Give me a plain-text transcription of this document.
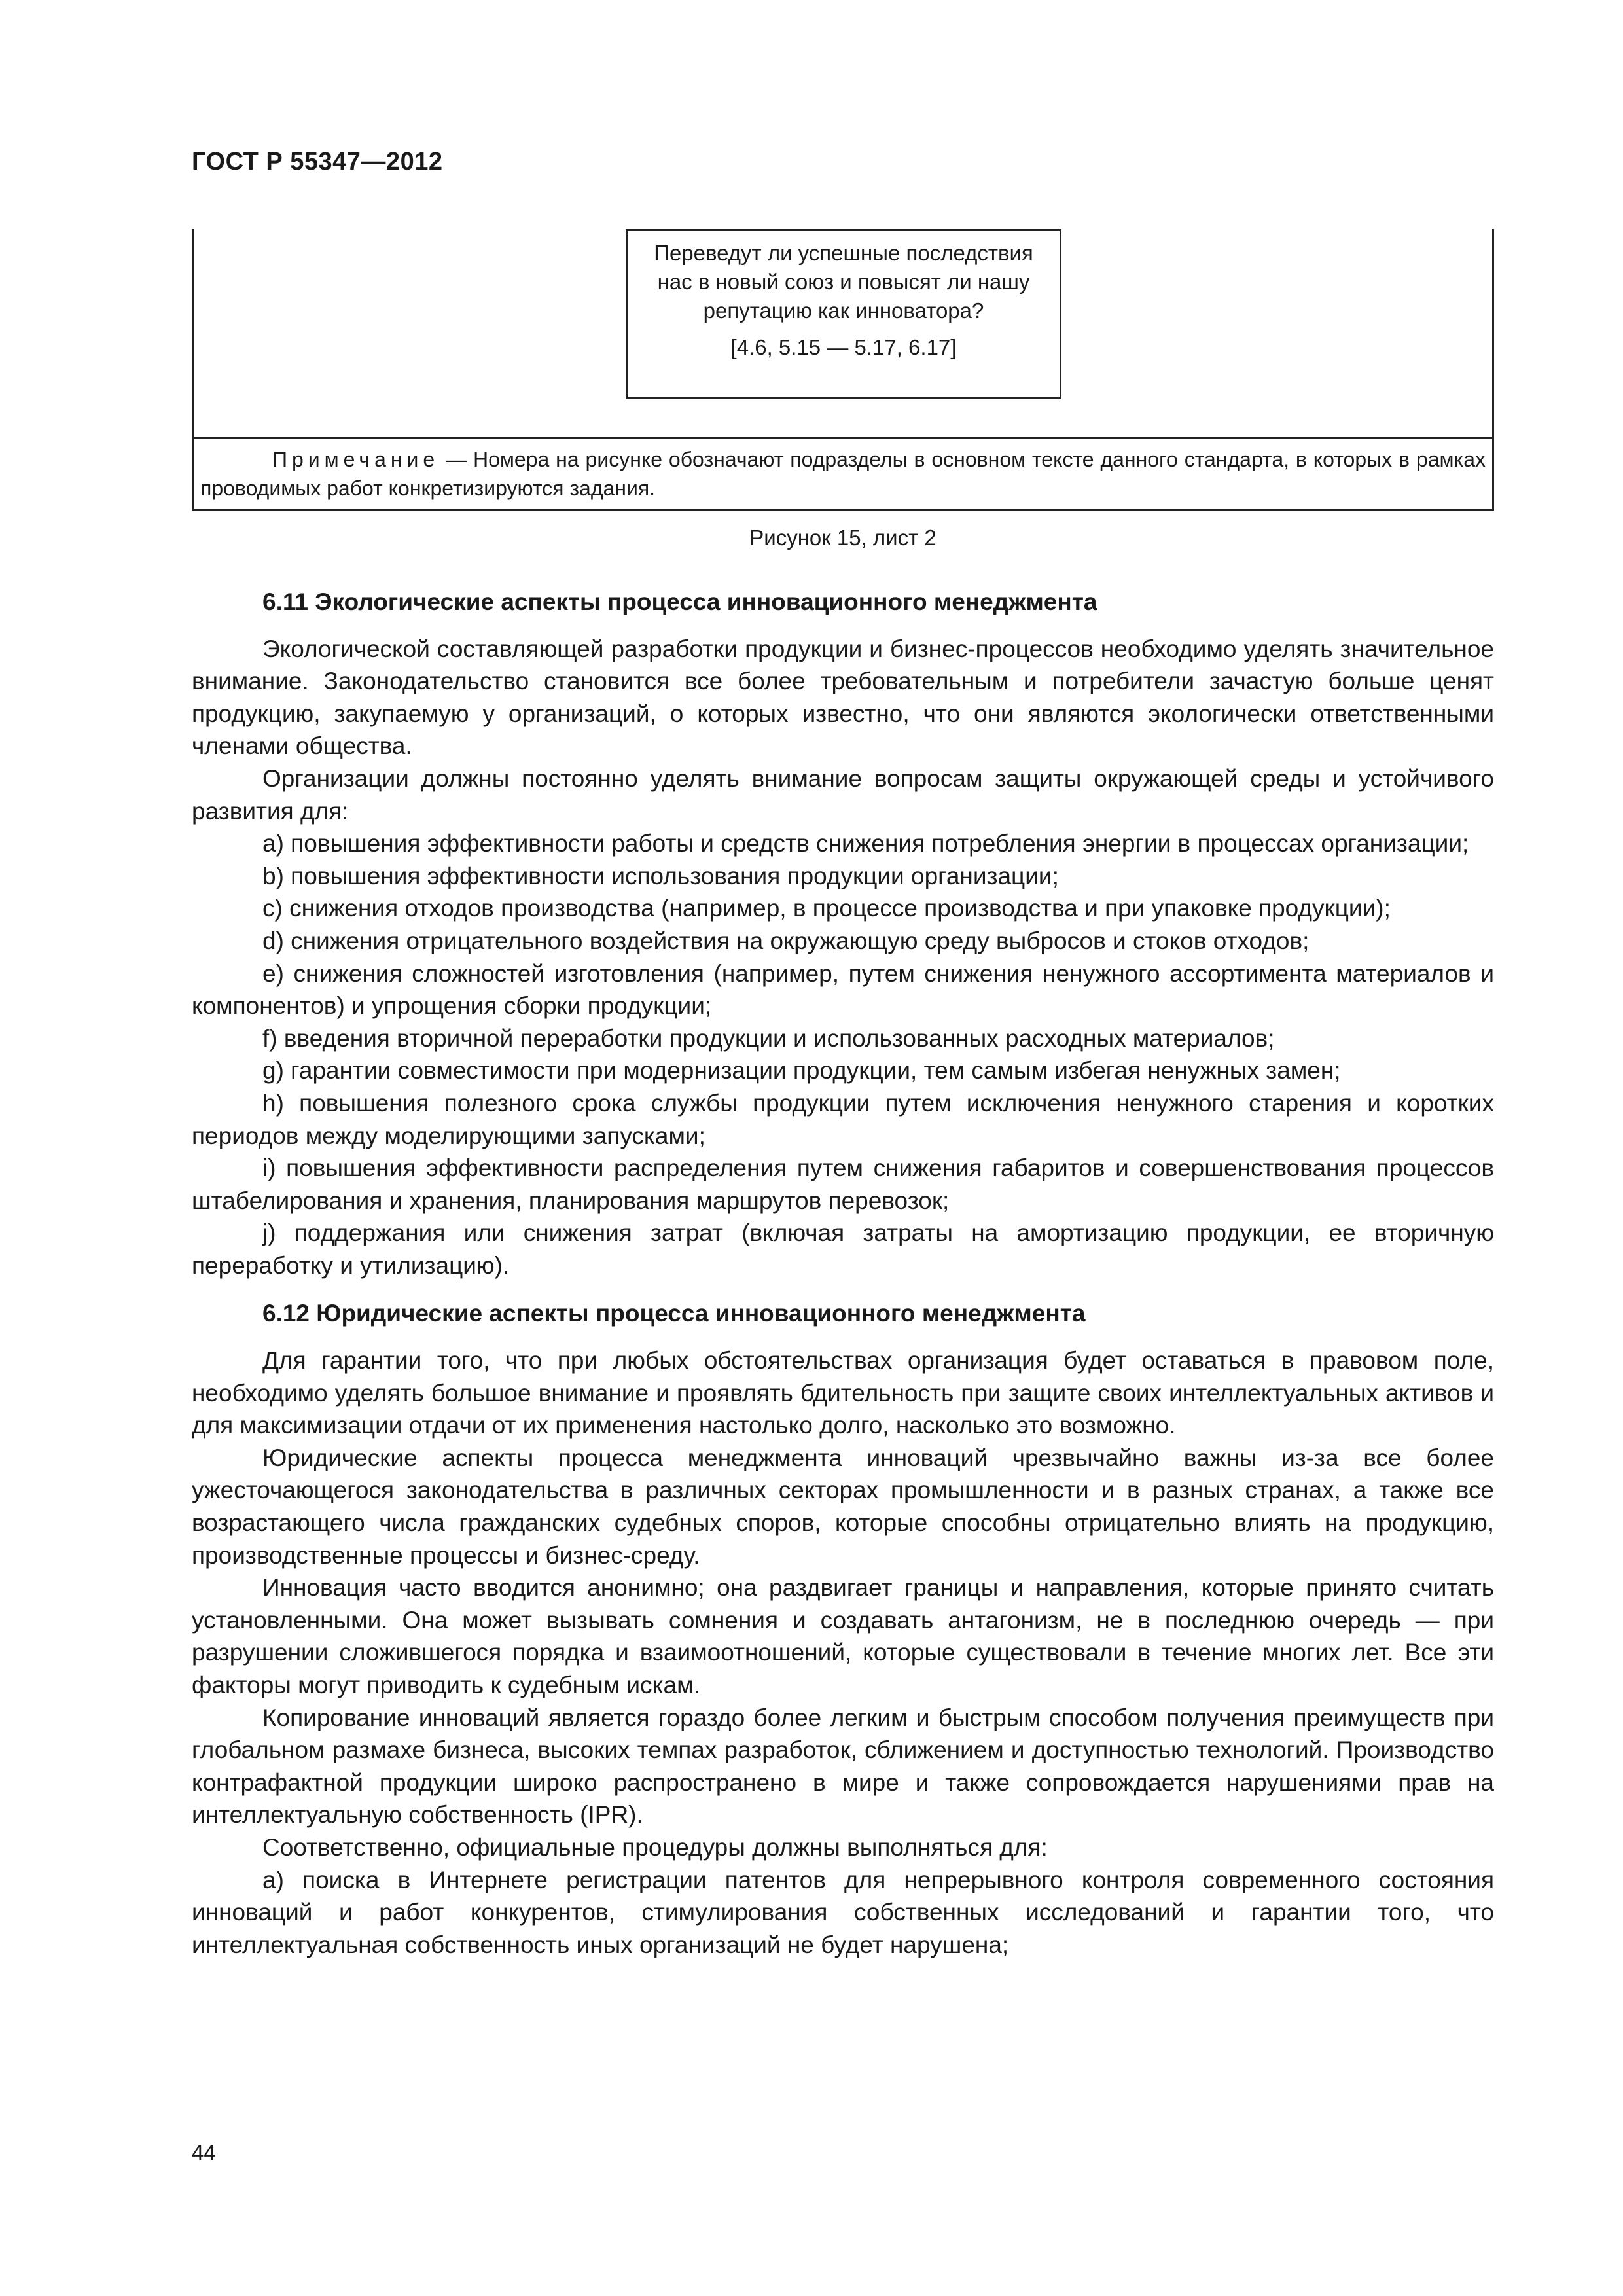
ГОСТ Р 55347—2012
Переведут ли успешные последствия нас в новый союз и повысят ли нашу репутацию как инноватора?
[4.6, 5.15 — 5.17, 6.17]
Примечание — Номера на рисунке обозначают подразделы в основном тексте данного стандарта, в которых в рамках проводимых работ конкретизируются задания.
Рисунок 15, лист 2
6.11 Экологические аспекты процесса инновационного менеджмента

Экологической составляющей разработки продукции и бизнес-процессов необходимо уделять значительное внимание. Законодательство становится все более требовательным и потребители зачастую больше ценят продукцию, закупаемую у организаций, о которых известно, что они являются экологически ответственными членами общества.

Организации должны постоянно уделять внимание вопросам защиты окружающей среды и устойчивого развития для:

a) повышения эффективности работы и средств снижения потребления энергии в процессах организации;

b) повышения эффективности использования продукции организации;

c) снижения отходов производства (например, в процессе производства и при упаковке продукции);

d) снижения отрицательного воздействия на окружающую среду выбросов и стоков отходов;

e) снижения сложностей изготовления (например, путем снижения ненужного ассортимента материалов и компонентов) и упрощения сборки продукции;

f) введения вторичной переработки продукции и использованных расходных материалов;

g) гарантии совместимости при модернизации продукции, тем самым избегая ненужных замен;

h) повышения полезного срока службы продукции путем исключения ненужного старения и коротких периодов между моделирующими запусками;

i) повышения эффективности распределения путем снижения габаритов и совершенствования процессов штабелирования и хранения, планирования маршрутов перевозок;

j) поддержания или снижения затрат (включая затраты на амортизацию продукции, ее вторичную переработку и утилизацию).

6.12 Юридические аспекты процесса инновационного менеджмента

Для гарантии того, что при любых обстоятельствах организация будет оставаться в правовом поле, необходимо уделять большое внимание и проявлять бдительность при защите своих интеллектуальных активов и для максимизации отдачи от их применения настолько долго, насколько это возможно.

Юридические аспекты процесса менеджмента инноваций чрезвычайно важны из-за все более ужесточающегося законодательства в различных секторах промышленности и в разных странах, а также все возрастающего числа гражданских судебных споров, которые способны отрицательно влиять на продукцию, производственные процессы и бизнес-среду.

Инновация часто вводится анонимно; она раздвигает границы и направления, которые принято считать установленными. Она может вызывать сомнения и создавать антагонизм, не в последнюю очередь — при разрушении сложившегося порядка и взаимоотношений, которые существовали в течение многих лет. Все эти факторы могут приводить к судебным искам.

Копирование инноваций является гораздо более легким и быстрым способом получения преимуществ при глобальном размахе бизнеса, высоких темпах разработок, сближением и доступностью технологий. Производство контрафактной продукции широко распространено в мире и также сопровождается нарушениями прав на интеллектуальную собственность (IPR).

Соответственно, официальные процедуры должны выполняться для:

a) поиска в Интернете регистрации патентов для непрерывного контроля современного состояния инноваций и работ конкурентов, стимулирования собственных исследований и гарантии того, что интеллектуальная собственность иных организаций не будет нарушена;

44
